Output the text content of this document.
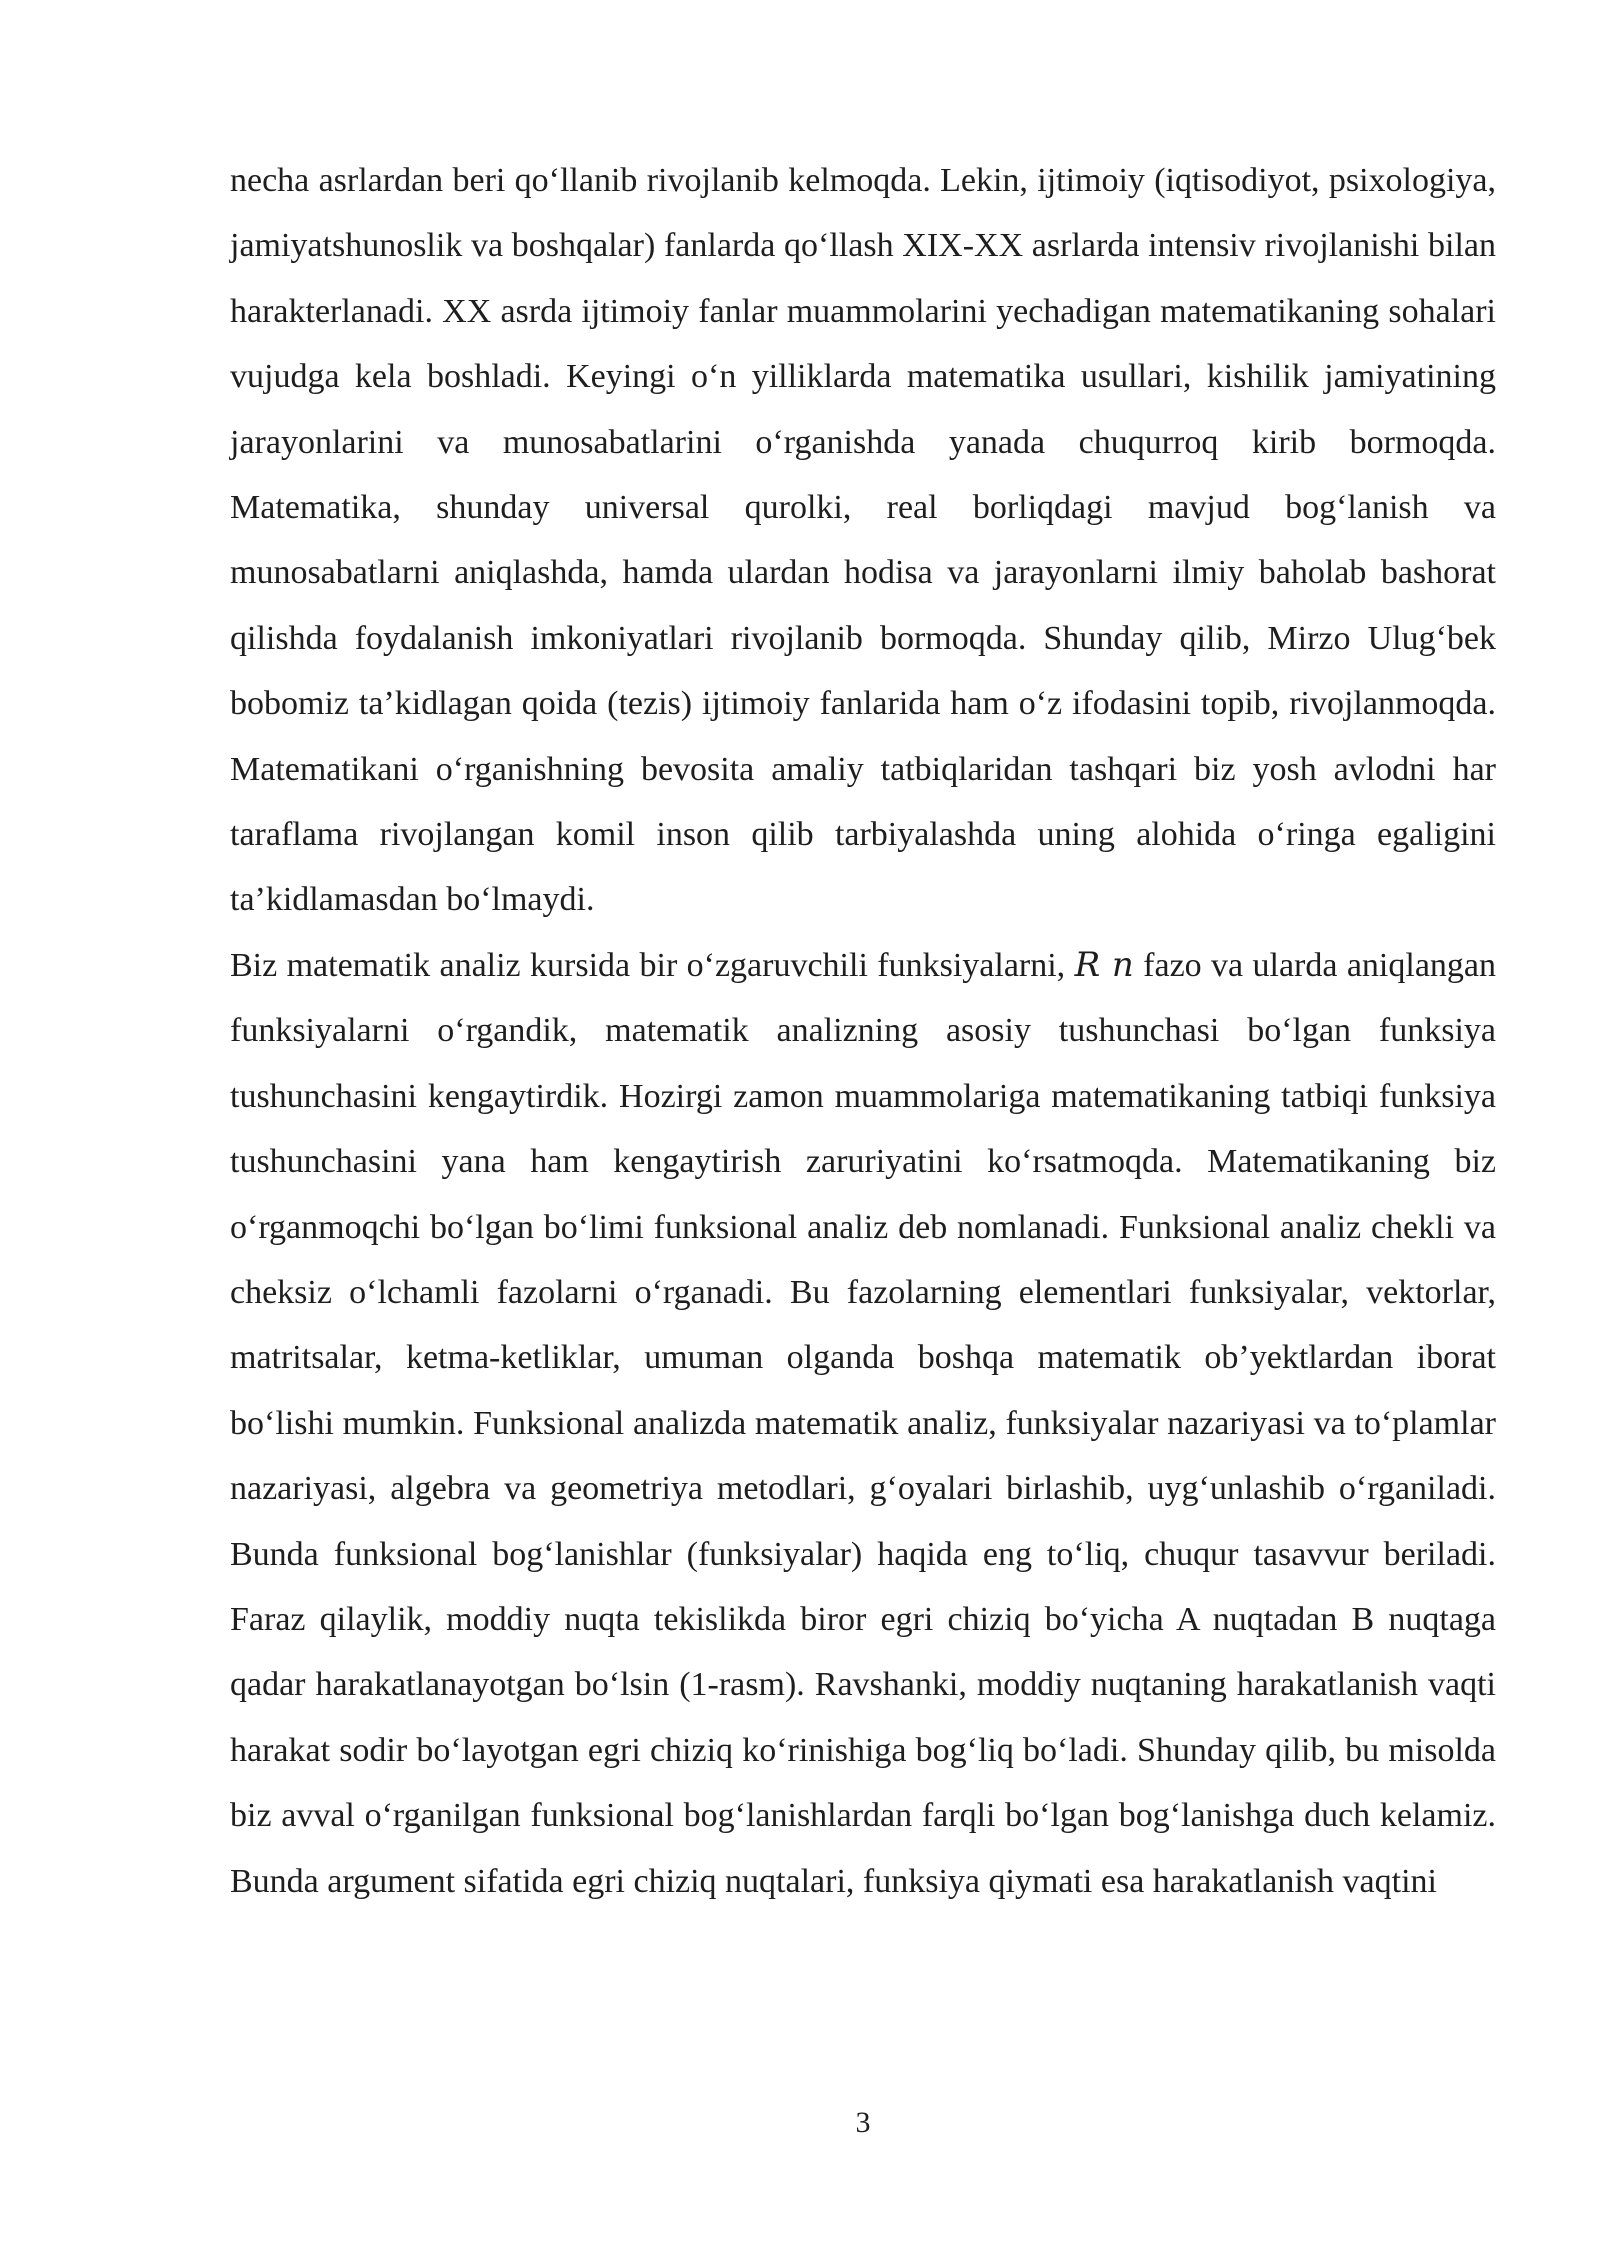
necha asrlardan beri qo‘llanib rivojlanib kelmoqda. Lekin, ijtimoiy (iqtisodiyot, psixologiya, jamiyatshunoslik va boshqalar) fanlarda qo‘llash XIX-XX asrlarda intensiv rivojlanishi bilan harakterlanadi. XX asrda ijtimoiy fanlar muammolarini yechadigan matematikaning sohalari vujudga kela boshladi. Keyingi o‘n yilliklarda matematika usullari, kishilik jamiyatining jarayonlarini va munosabatlarini o‘rganishda yanada chuqurroq kirib bormoqda. Matematika, shunday universal qurolki, real borliqdagi mavjud bog‘lanish va munosabatlarni aniqlashda, hamda ulardan hodisa va jarayonlarni ilmiy baholab bashorat qilishda foydalanish imkoniyatlari rivojlanib bormoqda. Shunday qilib, Mirzo Ulug‘bek bobomiz ta’kidlagan qoida (tezis) ijtimoiy fanlarida ham o‘z ifodasini topib, rivojlanmoqda. Matematikani o‘rganishning bevosita amaliy tatbiqlaridan tashqari biz yosh avlodni har taraflama rivojlangan komil inson qilib tarbiyalashda uning alohida o‘ringa egaligini ta’kidlamasdan bo‘lmaydi.

Biz matematik analiz kursida bir o‘zgaruvchili funksiyalarni, R n fazo va ularda aniqlangan funksiyalarni o‘rgandik, matematik analizning asosiy tushunchasi bo‘lgan funksiya tushunchasini kengaytirdik. Hozirgi zamon muammolariga matematikaning tatbiqi funksiya tushunchasini yana ham kengaytirish zaruriyatini ko‘rsatmoqda. Matematikaning biz o‘rganmoqchi bo‘lgan bo‘limi funksional analiz deb nomlanadi. Funksional analiz chekli va cheksiz o‘lchamli fazolarni o‘rganadi. Bu fazolarning elementlari funksiyalar, vektorlar, matritsalar, ketma-ketliklar, umuman olganda boshqa matematik ob’yektlardan iborat bo‘lishi mumkin. Funksional analizda matematik analiz, funksiyalar nazariyasi va to‘plamlar nazariyasi, algebra va geometriya metodlari, g‘oyalari birlashib, uyg‘unlashib o‘rganiladi. Bunda funksional bog‘lanishlar (funksiyalar) haqida eng to‘liq, chuqur tasavvur beriladi. Faraz qilaylik, moddiy nuqta tekislikda biror egri chiziq bo‘yicha A nuqtadan B nuqtaga qadar harakatlanayotgan bo‘lsin (1-rasm). Ravshanki, moddiy nuqtaning harakatlanish vaqti harakat sodir bo‘layotgan egri chiziq ko‘rinishiga bog‘liq bo‘ladi. Shunday qilib, bu misolda biz avval o‘rganilgan funksional bog‘lanishlardan farqli bo‘lgan bog‘lanishga duch kelamiz. Bunda argument sifatida egri chiziq nuqtalari, funksiya qiymati esa harakatlanish vaqtini

3
